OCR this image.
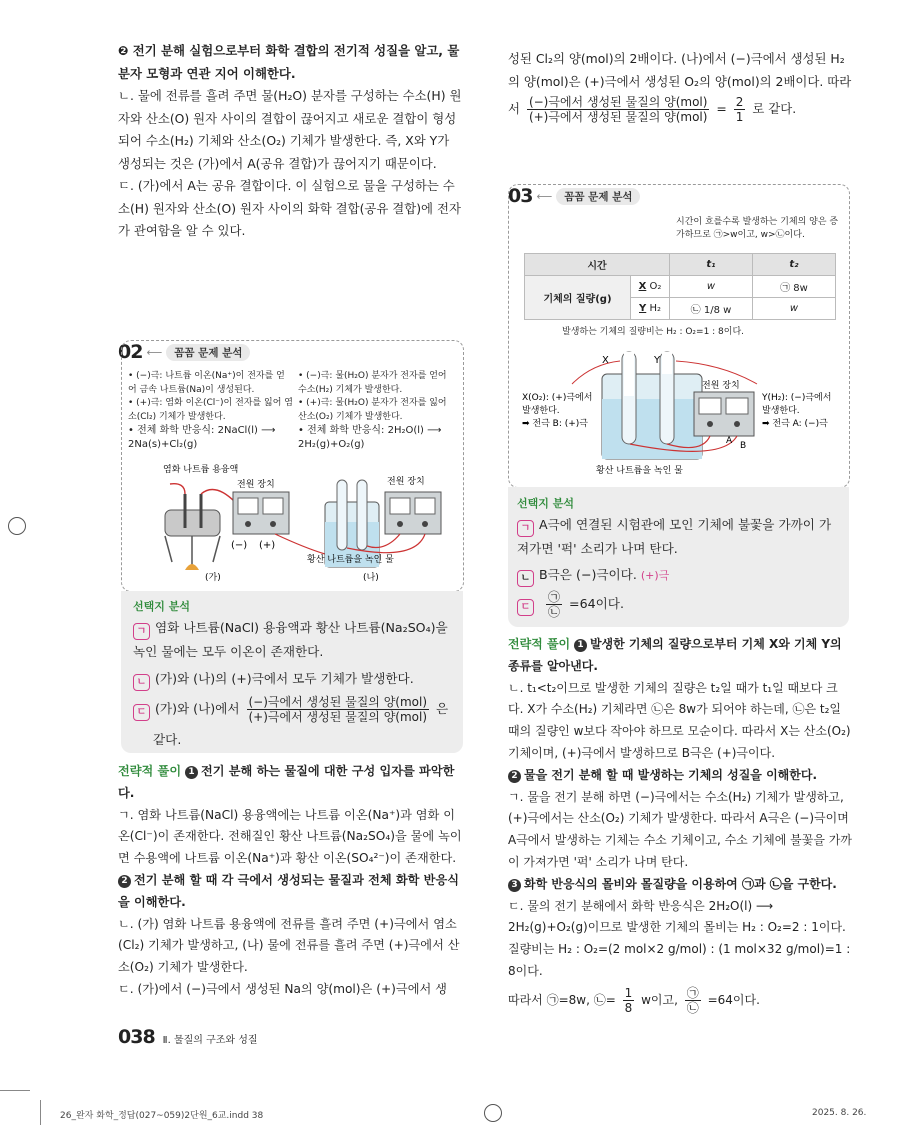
❷ 전기 분해 실험으로부터 화학 결합의 전기적 성질을 알고, 물 분자 모형과 연관 지어 이해한다.

ㄴ. 물에 전류를 흘려 주면 물(H₂O) 분자를 구성하는 수소(H) 원자와 산소(O) 원자 사이의 결합이 끊어지고 새로운 결합이 형성되어 수소(H₂) 기체와 산소(O₂) 기체가 발생한다. 즉, X와 Y가 생성되는 것은 (가)에서 A(공유 결합)가 끊어지기 때문이다.

ㄷ. (가)에서 A는 공유 결합이다. 이 실험으로 물을 구성하는 수소(H) 원자와 산소(O) 원자 사이의 화학 결합(공유 결합)에 전자가 관여함을 알 수 있다.

02 ⟵	꼼꼼 문제 분석
• (−)극: 나트륨 이온(Na⁺)이 전자를 얻어 금속 나트륨(Na)이 생성된다.
• (+)극: 염화 이온(Cl⁻)이 전자를 잃어 염소(Cl₂) 기체가 발생한다.
• 전체 화학 반응식: 2NaCl(l) ⟶ 2Na(s)+Cl₂(g)
• (−)극: 물(H₂O) 분자가 전자를 얻어 수소(H₂) 기체가 발생한다.
• (+)극: 물(H₂O) 분자가 전자를 잃어 산소(O₂) 기체가 발생한다.
• 전체 화학 반응식: 2H₂O(l) ⟶ 2H₂(g)+O₂(g)
염화 나트륨 용융액
전원 장치	전원 장치
(−) (+)
황산 나트륨을 녹인 물
(가)	(나)
선택지 분석
ㄱ 염화 나트륨(NaCl) 용융액과 황산 나트륨(Na₂SO₄)을 녹인 물에는 모두 이온이 존재한다.
ㄴ (가)와 (나)의 (+)극에서 모두 기체가 발생한다.
ㄷ (가)와 (나)에서 $\frac{\text{(−)극에서 생성된 물질의 양(mol)}}{\text{(+)극에서 생성된 물질의 양(mol)}}$ 은
같다.

전략적 풀이 1 전기 분해 하는 물질에 대한 구성 입자를 파악한다.

ㄱ. 염화 나트륨(NaCl) 용융액에는 나트륨 이온(Na⁺)과 염화 이온(Cl⁻)이 존재한다. 전해질인 황산 나트륨(Na₂SO₄)을 물에 녹이면 수용액에 나트륨 이온(Na⁺)과 황산 이온(SO₄²⁻)이 존재한다.

2 전기 분해 할 때 각 극에서 생성되는 물질과 전체 화학 반응식을 이해한다.

ㄴ. (가) 염화 나트륨 용융액에 전류를 흘려 주면 (+)극에서 염소(Cl₂) 기체가 발생하고, (나) 물에 전류를 흘려 주면 (+)극에서 산소(O₂) 기체가 발생한다.

ㄷ. (가)에서 (−)극에서 생성된 Na의 양(mol)은 (+)극에서 생

성된 Cl₂의 양(mol)의 2배이다. (나)에서 (−)극에서 생성된 H₂의 양(mol)은 (+)극에서 생성된 O₂의 양(mol)의 2배이다. 따라

서 $\frac{\text{(−)극에서 생성된 물질의 양(mol)}}{\text{(+)극에서 생성된 물질의 양(mol)}} = \frac{2}{1}$ 로 같다.

03 ⟵	꼼꼼 문제 분석
시간이 흐를수록 발생하는 기체의 양은 증가하므로 ㉠>w이고, w>㉡이다.
시간		t₁	t₂
기체의 질량(g)	X O₂	w	㉠ 8w
	Y H₂	㉡ 1/8 w	w
발생하는 기체의 질량비는 H₂ : O₂=1 : 8이다.
X	Y
X(O₂): (+)극에서
발생한다.
➡ 전극 B: (+)극
전원 장치
Y(H₂): (−)극에서
발생한다.
➡ 전극 A: (−)극
A B
황산 나트륨을 녹인 물
선택지 분석
ㄱ A극에 연결된 시험관에 모인 기체에 불꽃을 가까이 가져가면 '퍽' 소리가 나며 탄다.
ㄴ B극은 (−)극이다. (+)극
ㄷ $\frac{㉠}{㉡} =64$이다.

전략적 풀이 1 발생한 기체의 질량으로부터 기체 X와 기체 Y의 종류를 알아낸다.

ㄴ. t₁<t₂이므로 발생한 기체의 질량은 t₂일 때가 t₁일 때보다 크다. X가 수소(H₂) 기체라면 ㉡은 8w가 되어야 하는데, ㉡은 t₂일 때의 질량인 w보다 작아야 하므로 모순이다. 따라서 X는 산소(O₂) 기체이며, (+)극에서 발생하므로 B극은 (+)극이다.

2 물을 전기 분해 할 때 발생하는 기체의 성질을 이해한다.

ㄱ. 물을 전기 분해 하면 (−)극에서는 수소(H₂) 기체가 발생하고, (+)극에서는 산소(O₂) 기체가 발생한다. 따라서 A극은 (−)극이며 A극에서 발생하는 기체는 수소 기체이고, 수소 기체에 불꽃을 가까이 가져가면 '퍽' 소리가 나며 탄다.

3 화학 반응식의 몰비와 몰질량을 이용하여 ㉠과 ㉡을 구한다.

ㄷ. 물의 전기 분해에서 화학 반응식은 2H₂O(l) ⟶ 2H₂(g)+O₂(g)이므로 발생한 기체의 몰비는 H₂ : O₂=2 : 1이다. 질량비는 H₂ : O₂=(2 mol×2 g/mol) : (1 mol×32 g/mol)=1 : 8이다.

따라서 ㉠=8w, ㉡= $\frac{1}{8}$ w이고, $\frac{㉠}{㉡} =64$이다.

038 Ⅱ. 물질의 구조와 성질
26_완자 화학_정답(027~059)2단원_6교.indd 38	2025. 8. 26.
